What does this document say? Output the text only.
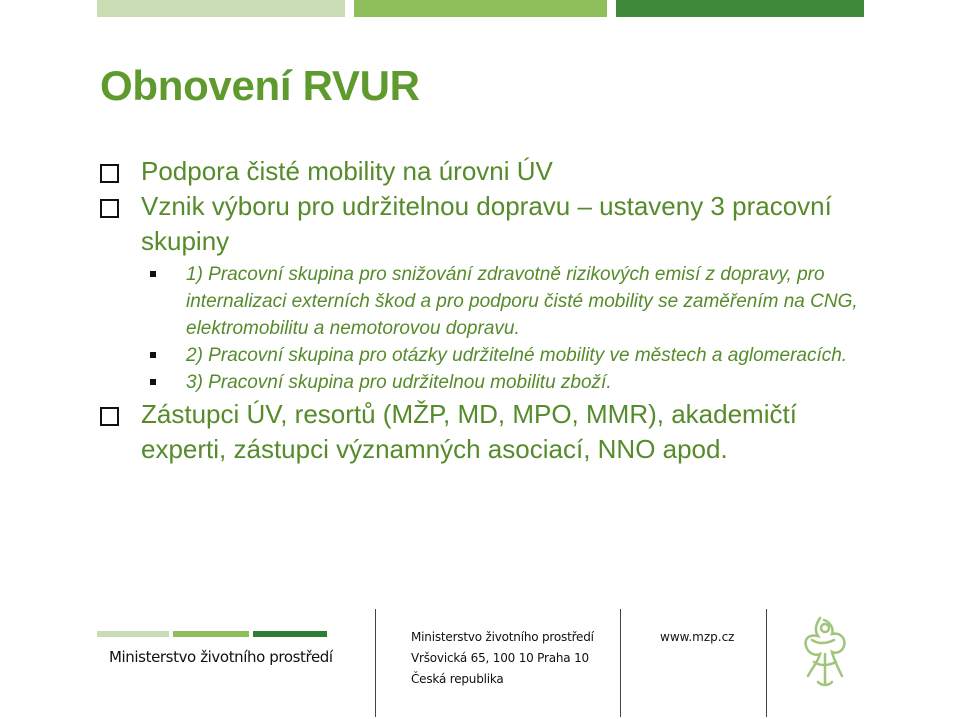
Obnovení RVUR
Podpora čisté mobility na úrovni ÚV
Vznik výboru pro udržitelnou dopravu – ustaveny 3 pracovní skupiny
1) Pracovní skupina pro snižování zdravotně rizikových emisí z dopravy, pro internalizaci externích škod a pro podporu čisté mobility se zaměřením na CNG, elektromobilitu a nemotorovou dopravu.
2) Pracovní skupina pro otázky udržitelné mobility ve městech a aglomeracích.
3) Pracovní skupina pro udržitelnou mobilitu zboží.
Zástupci ÚV, resortů (MŽP, MD, MPO, MMR), akademičtí experti, zástupci významných asociací, NNO apod.
Ministerstvo životního prostředí
Ministerstvo životního prostředí
Vršovická 65, 100 10 Praha 10
Česká republika
www.mzp.cz
